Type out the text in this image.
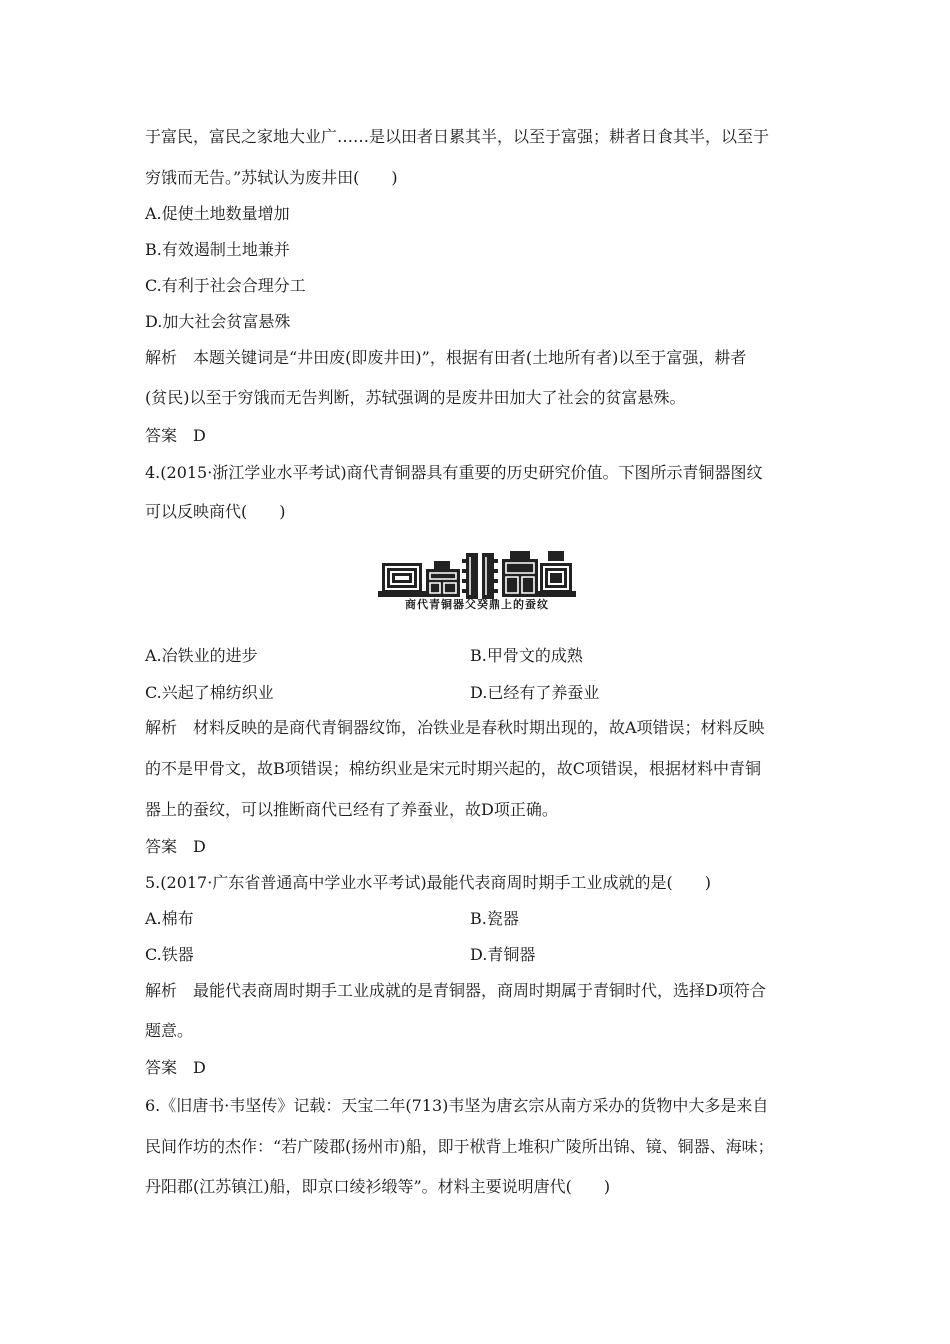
于富民，富民之家地大业广……是以田者日累其半，以至于富强；耕者日食其半，以至于
穷饿而无告。”苏轼认为废井田(　　)
A.促使土地数量增加
B.有效遏制土地兼并
C.有利于社会合理分工
D.加大社会贫富悬殊
解析　本题关键词是“井田废(即废井田)”，根据有田者(土地所有者)以至于富强，耕者
(贫民)以至于穷饿而无告判断，苏轼强调的是废井田加大了社会的贫富悬殊。
答案　D
4.(2015·浙江学业水平考试)商代青铜器具有重要的历史研究价值。下图所示青铜器图纹
可以反映商代(　　)
商代青铜器父癸鼎上的蚕纹
A.冶铁业的进步	B.甲骨文的成熟
C.兴起了棉纺织业	D.已经有了养蚕业
解析　材料反映的是商代青铜器纹饰，冶铁业是春秋时期出现的，故A项错误；材料反映
的不是甲骨文，故B项错误；棉纺织业是宋元时期兴起的，故C项错误，根据材料中青铜
器上的蚕纹，可以推断商代已经有了养蚕业，故D项正确。
答案　D
5.(2017·广东省普通高中学业水平考试)最能代表商周时期手工业成就的是(　　)
A.棉布	B.瓷器
C.铁器	D.青铜器
解析　最能代表商周时期手工业成就的是青铜器，商周时期属于青铜时代，选择D项符合
题意。
答案　D
6.《旧唐书·韦坚传》记载：天宝二年(713)韦坚为唐玄宗从南方采办的货物中大多是来自
民间作坊的杰作：“若广陵郡(扬州市)船，即于栿背上堆积广陵所出锦、镜、铜器、海味；
丹阳郡(江苏镇江)船，即京口绫衫缎等”。材料主要说明唐代(　　)
